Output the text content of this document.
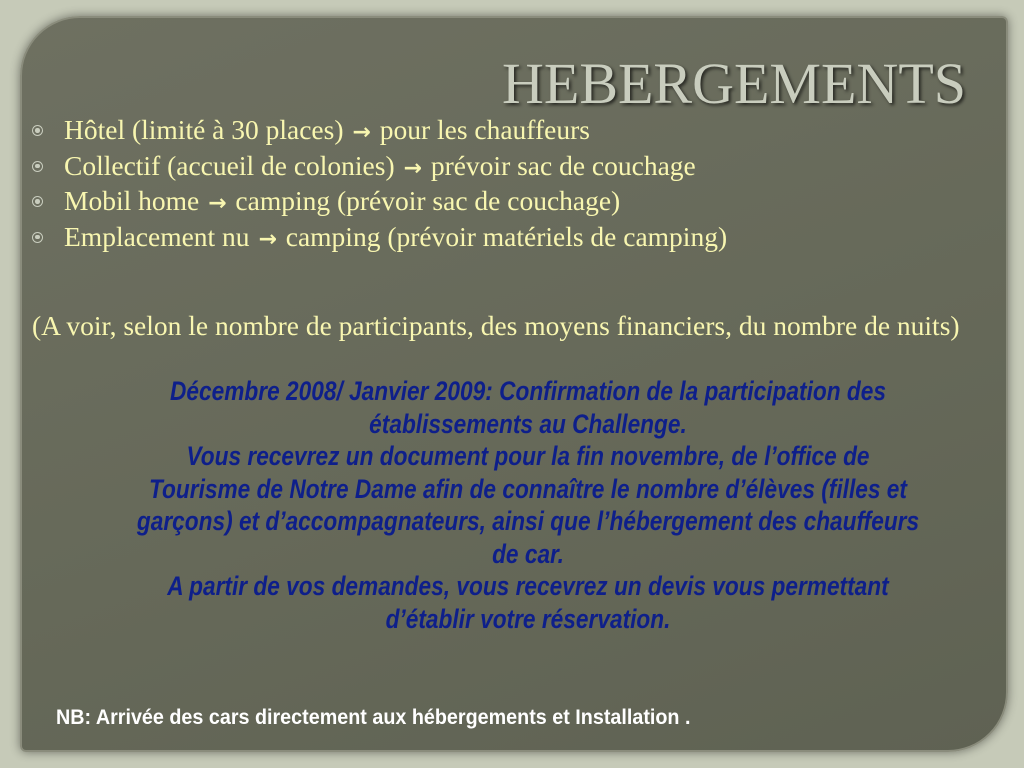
HEBERGEMENTS
Hôtel (limité à 30 places) → pour les chauffeurs
Collectif (accueil de colonies) → prévoir sac de couchage
Mobil home → camping (prévoir sac de couchage)
Emplacement nu → camping (prévoir matériels de camping)

(A voir, selon le nombre de participants, des moyens financiers, du nombre de nuits)

Décembre 2008/ Janvier 2009: Confirmation de la participation des établissements au Challenge.

Vous recevrez un document pour la fin novembre, de l’office de Tourisme de Notre Dame afin de connaître le nombre d’élèves (filles et garçons) et d’accompagnateurs, ainsi que l’hébergement des chauffeurs de car.

A partir de vos demandes, vous recevrez un devis vous permettant d’établir votre réservation.

NB: Arrivée des cars directement aux hébergements et Installation .
